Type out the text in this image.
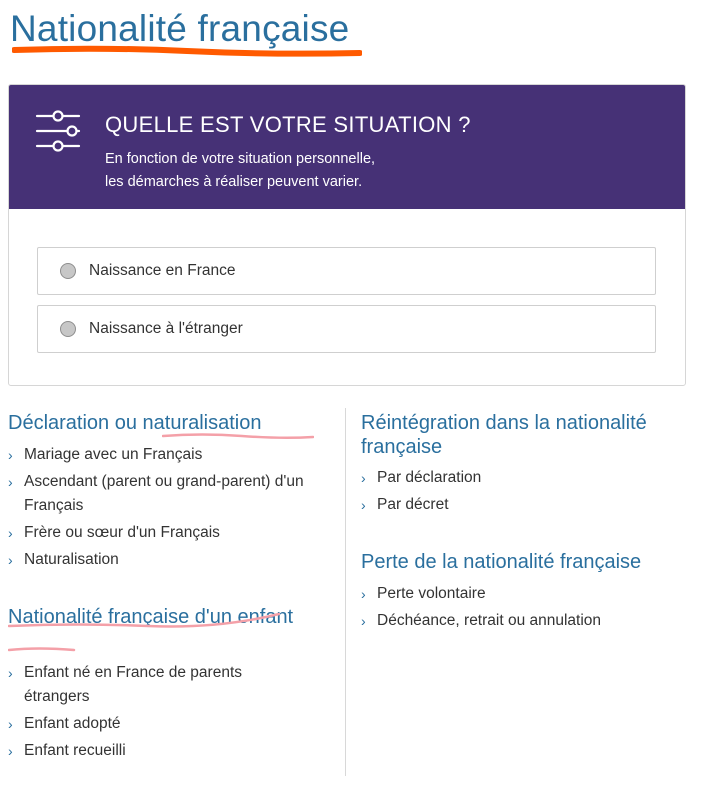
Nationalité française
QUELLE EST VOTRE SITUATION ?

En fonction de votre situation personnelle,
les démarches à réaliser peuvent varier.

Naissance en France
Naissance à l'étranger
Déclaration ou naturalisation
› Mariage avec un Français
› Ascendant (parent ou grand-parent) d'un Français
› Frère ou sœur d'un Français
› Naturalisation
Nationalité française d'un enfant
› Enfant né en France de parents étrangers
› Enfant adopté
› Enfant recueilli
Réintégration dans la nationalité française
› Par déclaration
› Par décret
Perte de la nationalité française
› Perte volontaire
› Déchéance, retrait ou annulation
